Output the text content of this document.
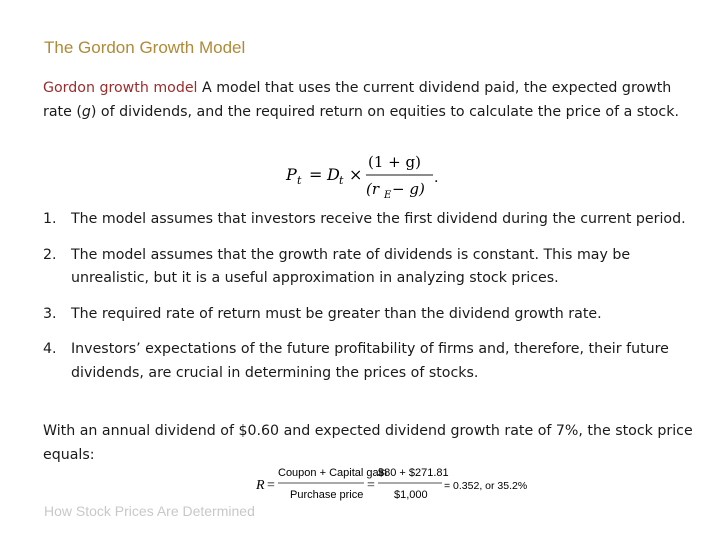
The Gordon Growth Model
Gordon growth model A model that uses the current dividend paid, the expected growth rate (g) of dividends, and the required return on equities to calculate the price of a stock.
P t = D t ×
(1 + g)
(r E − g)
.
1. The model assumes that investors receive the first dividend during the current period.
2. The model assumes that the growth rate of dividends is constant. This may be unrealistic, but it is a useful approximation in analyzing stock prices.
3. The required rate of return must be greater than the dividend growth rate.
4. Investors’ expectations of the future profitability of firms and, therefore, their future dividends, are crucial in determining the prices of stocks.
With an annual dividend of $0.60 and expected dividend growth rate of 7%, the stock price equals:
R =
Coupon + Capital gain
Purchase price
=
$80 + $271.81
$1,000
= 0.352, or 35.2%
How Stock Prices Are Determined
